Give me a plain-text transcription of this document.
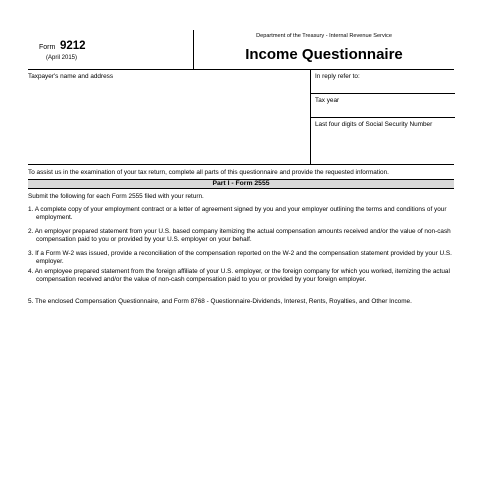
Form 9212
(April 2015)
Department of the Treasury - Internal Revenue Service
Income Questionnaire
Taxpayer's name and address	In reply refer to:
Tax year
Last four digits of Social Security Number
To assist us in the examination of your tax return, complete all parts of this questionnaire and provide the requested information.
Part I - Form 2555
Submit the following for each Form 2555 filed with your return.
1. A complete copy of your employment contract or a letter of agreement signed by you and your employer outlining the terms and conditions of your employment.
2. An employer prepared statement from your U.S. based company itemizing the actual compensation amounts received and/or the value of non-cash compensation paid to you or provided by your U.S. employer on your behalf.
3. If a Form W-2 was issued, provide a reconciliation of the compensation reported on the W-2 and the compensation statement provided by your U.S. employer.
4. An employee prepared statement from the foreign affiliate of your U.S. employer, or the foreign company for which you worked, itemizing the actual compensation received and/or the value of non-cash compensation paid to you or provided by your foreign employer.
5. The enclosed Compensation Questionnaire, and Form 8768 - Questionnaire-Dividends, Interest, Rents, Royalties, and Other Income.
